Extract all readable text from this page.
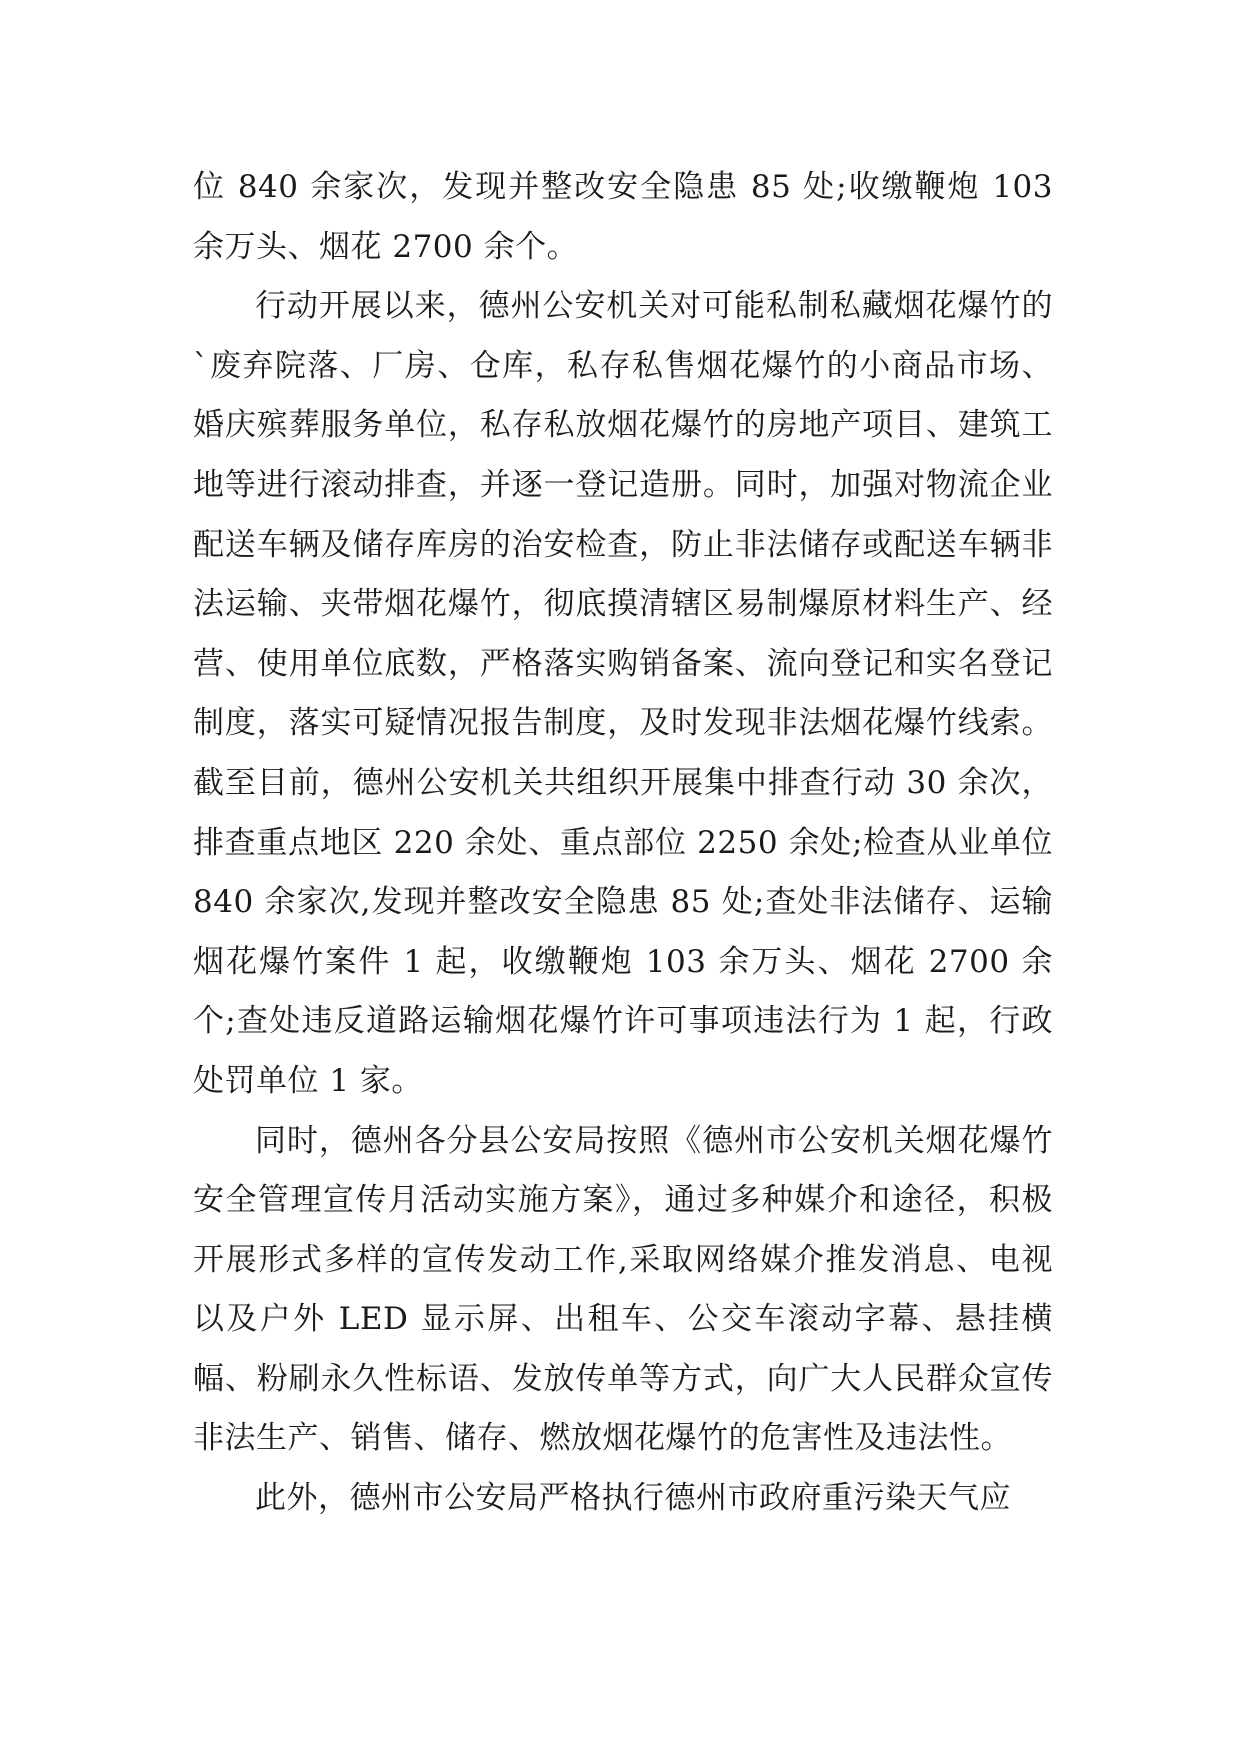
位 840 余家次，发现并整改安全隐患 85 处;收缴鞭炮 103 余万头、烟花 2700 余个。

行动开展以来，德州公安机关对可能私制私藏烟花爆竹的`废弃院落、厂房、仓库，私存私售烟花爆竹的小商品市场、婚庆殡葬服务单位，私存私放烟花爆竹的房地产项目、建筑工地等进行滚动排查，并逐一登记造册。同时，加强对物流企业配送车辆及储存库房的治安检查，防止非法储存或配送车辆非法运输、夹带烟花爆竹，彻底摸清辖区易制爆原材料生产、经营、使用单位底数，严格落实购销备案、流向登记和实名登记制度，落实可疑情况报告制度，及时发现非法烟花爆竹线索。截至目前，德州公安机关共组织开展集中排查行动 30 余次，排查重点地区 220 余处、重点部位 2250 余处;检查从业单位 840 余家次,发现并整改安全隐患 85 处;查处非法储存、运输烟花爆竹案件 1 起，收缴鞭炮 103 余万头、烟花 2700 余个;查处违反道路运输烟花爆竹许可事项违法行为 1 起，行政处罚单位 1 家。

同时，德州各分县公安局按照《德州市公安机关烟花爆竹安全管理宣传月活动实施方案》，通过多种媒介和途径，积极开展形式多样的宣传发动工作,采取网络媒介推发消息、电视以及户外 LED 显示屏、出租车、公交车滚动字幕、悬挂横幅、粉刷永久性标语、发放传单等方式，向广大人民群众宣传非法生产、销售、储存、燃放烟花爆竹的危害性及违法性。

此外，德州市公安局严格执行德州市政府重污染天气应
